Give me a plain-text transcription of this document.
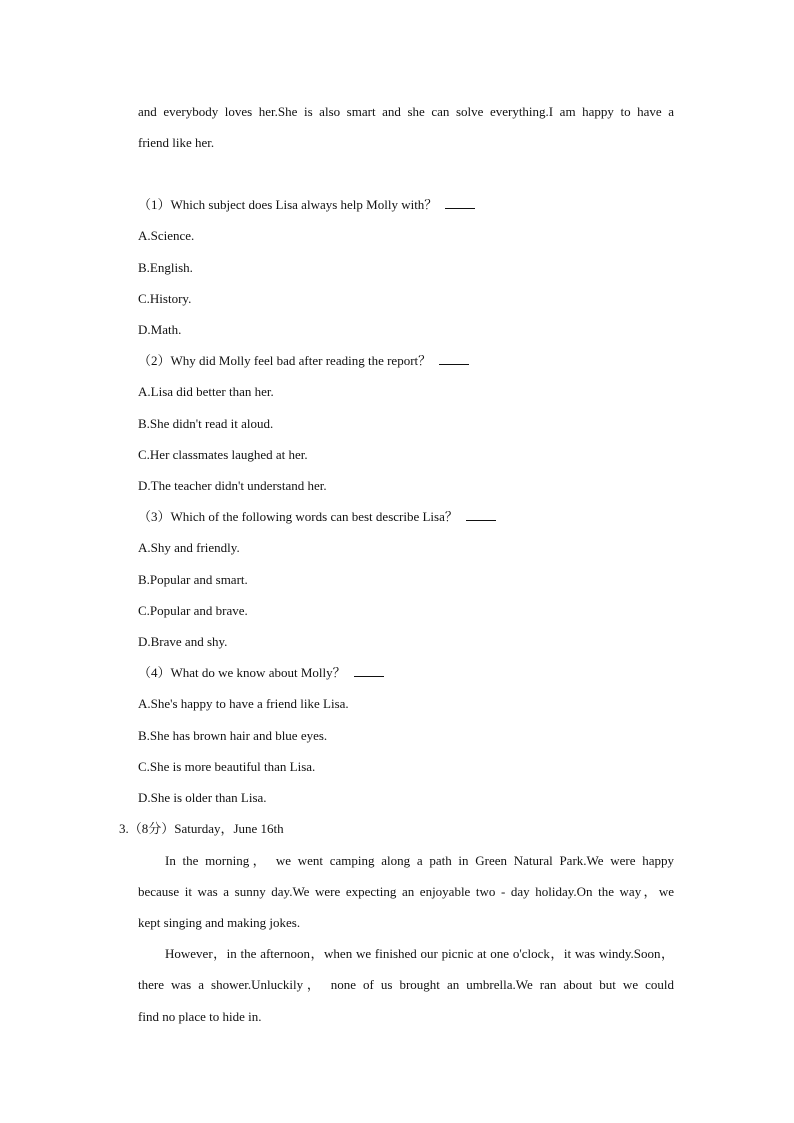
and everybody loves her.She is also smart and she can solve everything.I am happy to have a
friend like her.
（1）Which subject does Lisa always help Molly with？
A.Science.
B.English.
C.History.
D.Math.
（2）Why did Molly feel bad after reading the report？
A.Lisa did better than her.
B.She didn't read it aloud.
C.Her classmates laughed at her.
D.The teacher didn't understand her.
（3）Which of the following words can best describe Lisa？
A.Shy and friendly.
B.Popular and smart.
C.Popular and brave.
D.Brave and shy.
（4）What do we know about Molly？
A.She's happy to have a friend like Lisa.
B.She has brown hair and blue eyes.
C.She is more beautiful than Lisa.
D.She is older than Lisa.
3.（8分）Saturday，June 16th
In the morning， we went camping along a path in Green Natural Park.We were happy
because it was a sunny day.We were expecting an enjoyable two - day holiday.On the way，we
kept singing and making jokes.
However，in the afternoon，when we finished our picnic at one o'clock，it was windy.Soon，
there was a shower.Unluckily， none of us brought an umbrella.We ran about but we could
find no place to hide in.
